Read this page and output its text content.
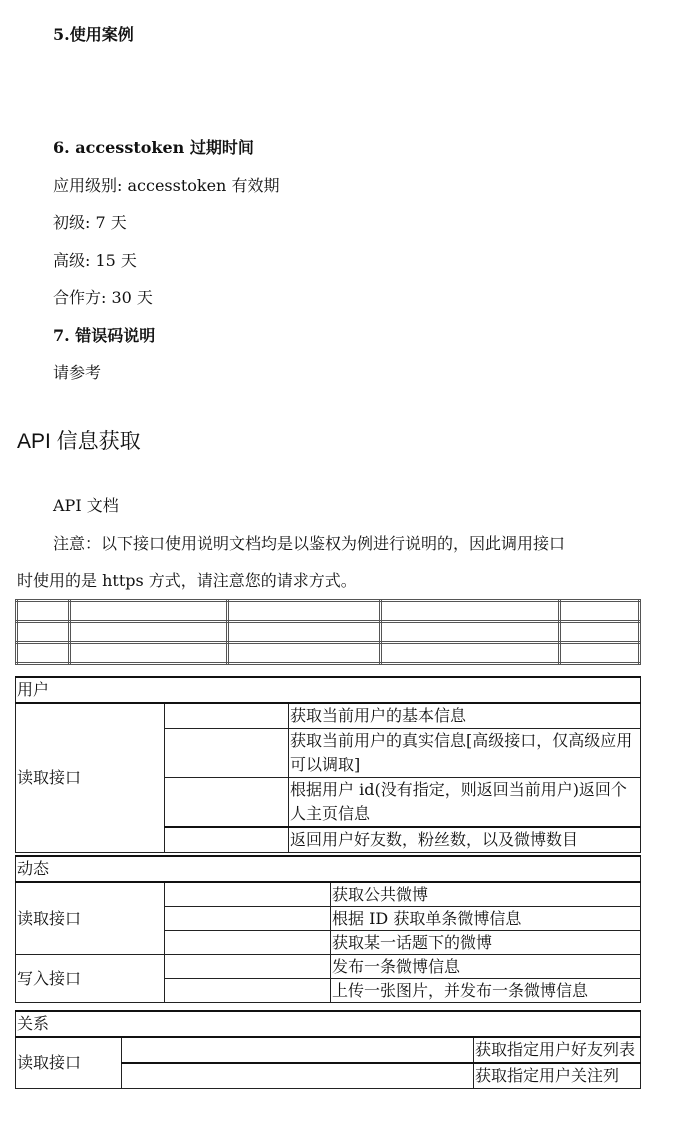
5.使用案例
6. accesstoken 过期时间
应用级别: accesstoken 有效期
初级: 7 天
高级: 15 天
合作方: 30 天
7. 错误码说明
请参考
API 信息获取
API 文档
注意：以下接口使用说明文档均是以鉴权为例进行说明的，因此调用接口
时使用的是 https 方式，请注意您的请求方式。

用户		
读取接口		获取当前用户的基本信息
		获取当前用户的真实信息[高级接口，仅高级应用可以调取]
		根据用户 id(没有指定，则返回当前用户)返回个人主页信息
		返回用户好友数，粉丝数，以及微博数目
动态		
读取接口		获取公共微博
		根据 ID 获取单条微博信息
		获取某一话题下的微博
写入接口		发布一条微博信息
		上传一张图片，并发布一条微博信息
关系		
读取接口		获取指定用户好友列表
		获取指定用户关注列
